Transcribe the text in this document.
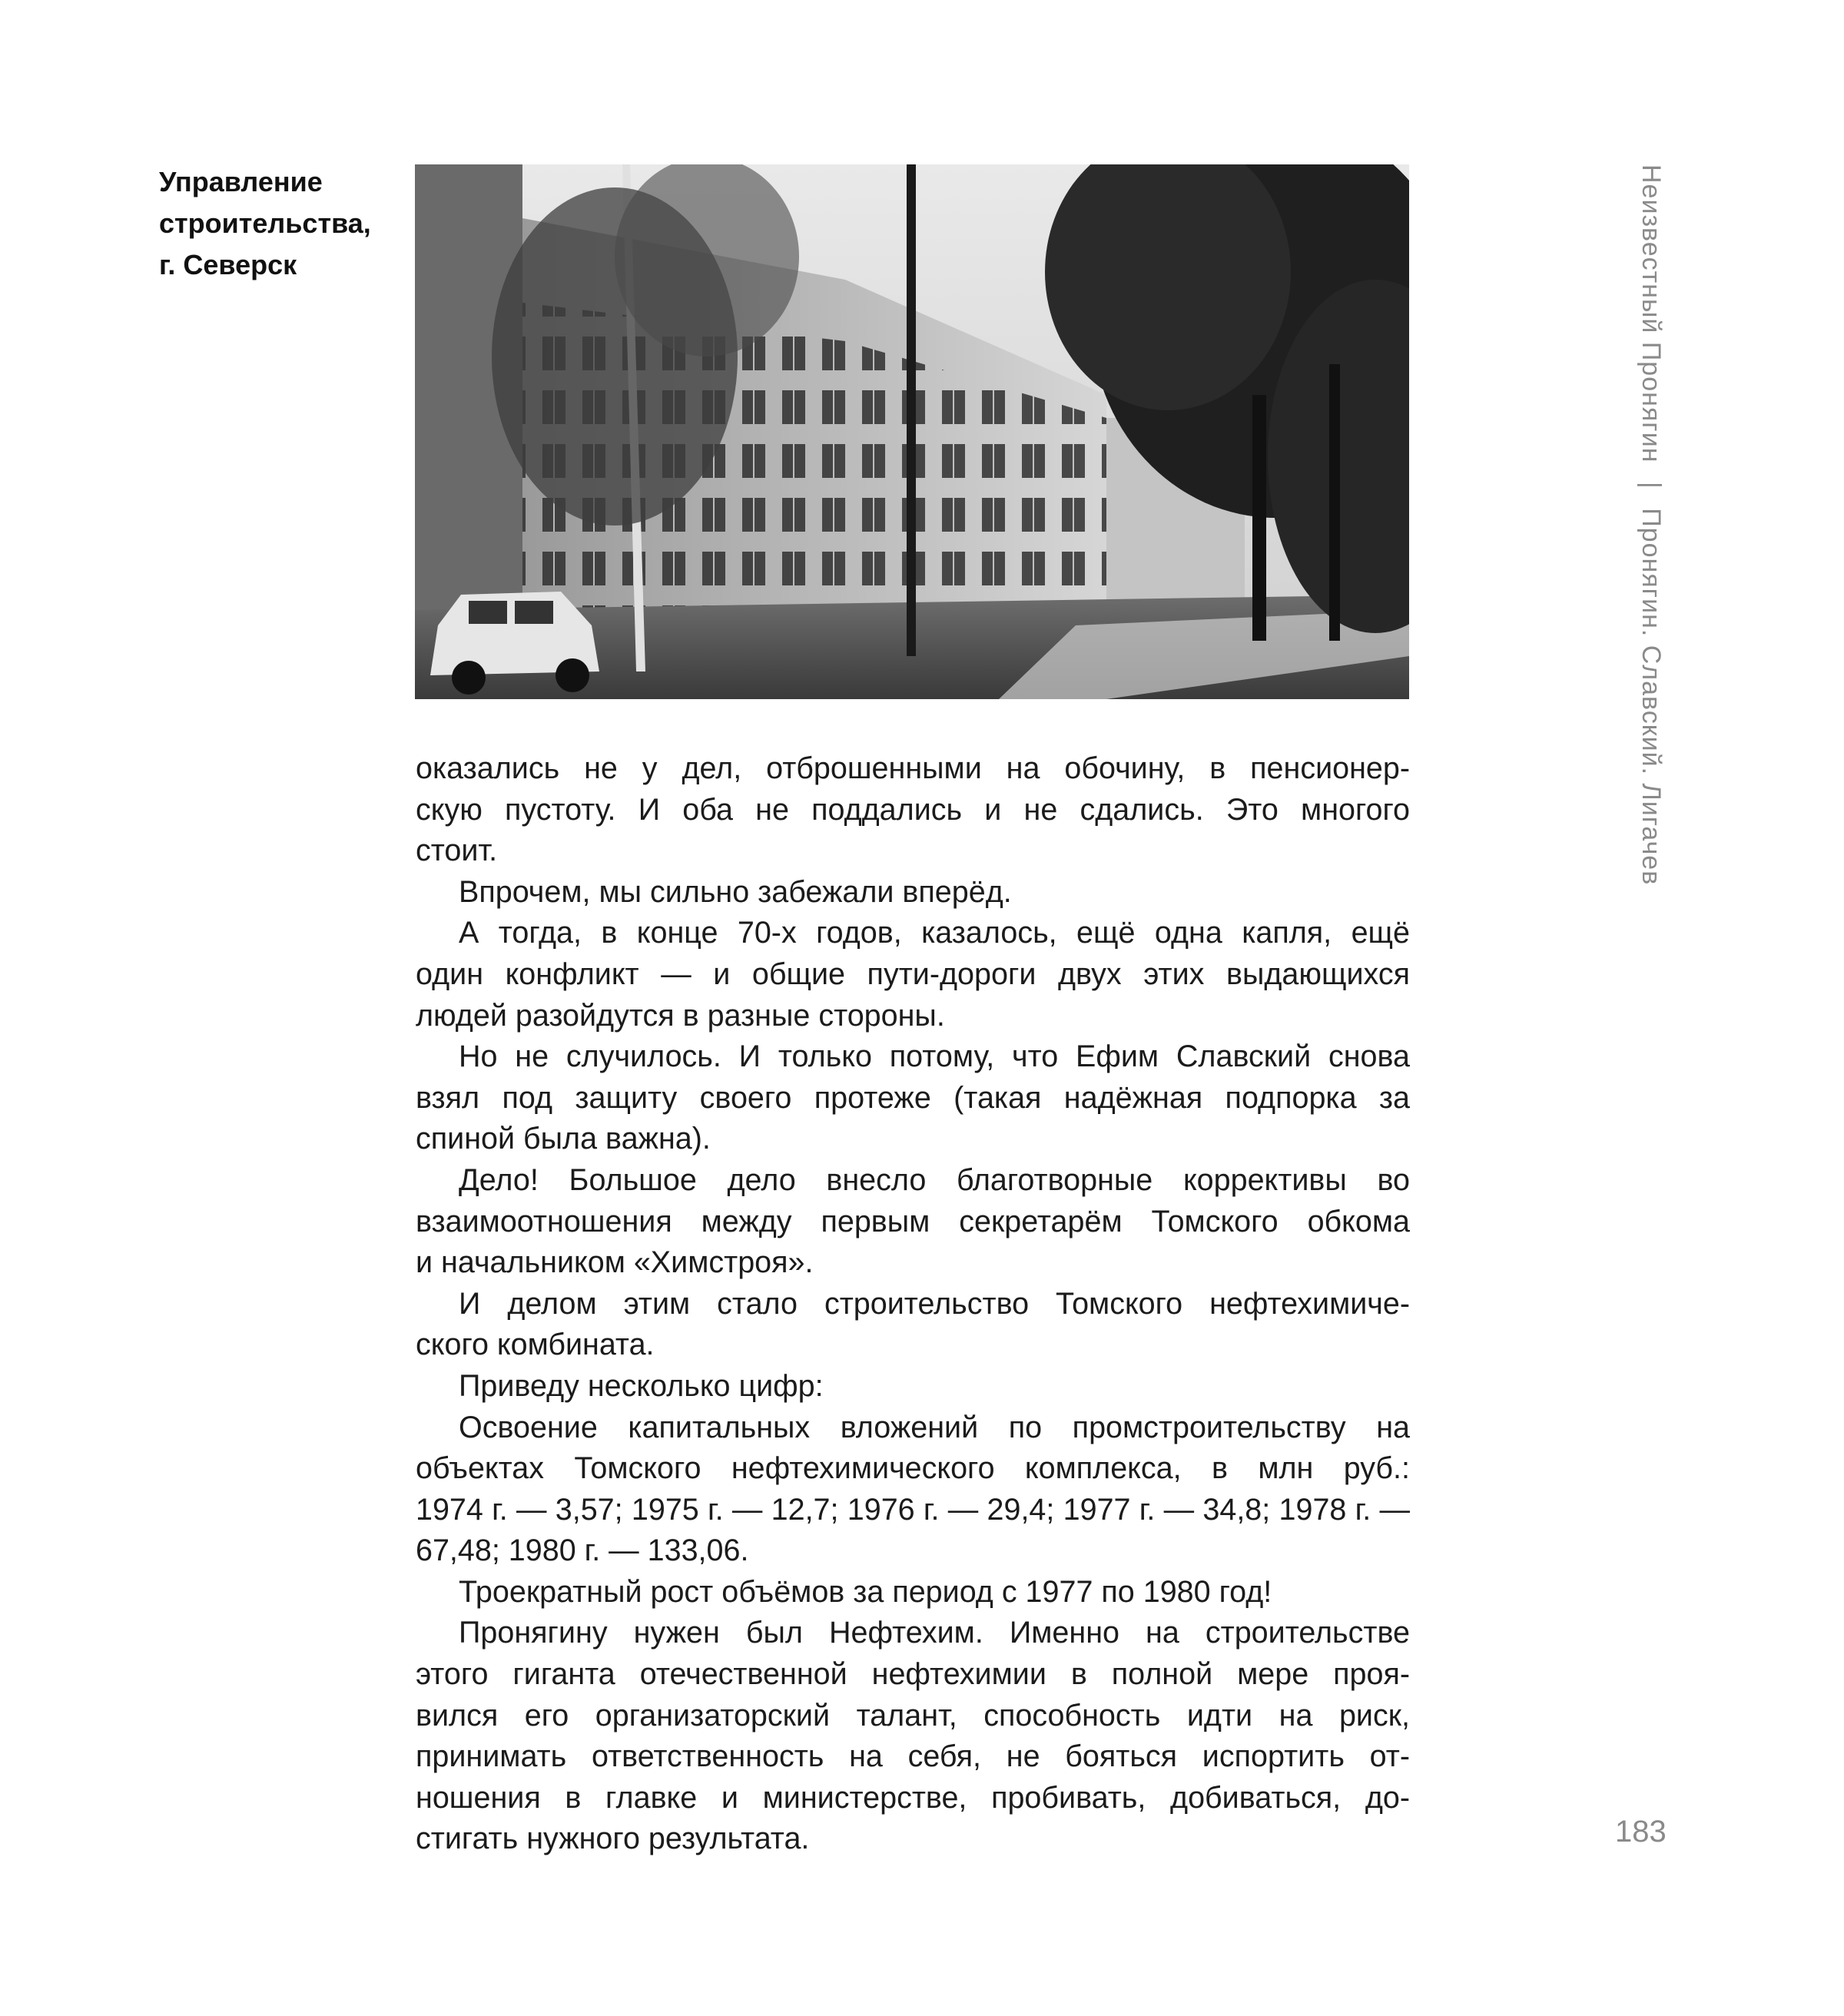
Управление
строительства,
г. Северск	Неизвестный Пронягин | Пронягин. Славский. Лигачев
183
оказались не у дел, отброшенными на обочину, в пенсионер-
скую пустоту. И оба не поддались и не сдались. Это многого
стоит.
Впрочем, мы сильно забежали вперёд.
А тогда, в конце 70-х годов, казалось, ещё одна капля, ещё
один конфликт — и общие пути-дороги двух этих выдающихся
людей разойдутся в разные стороны.
Но не случилось. И только потому, что Ефим Славский снова
взял под защиту своего протеже (такая надёжная подпорка за
спиной была важна).
Дело! Большое дело внесло благотворные коррективы во
взаимоотношения между первым секретарём Томского обкома
и начальником «Химстроя».
И делом этим стало строительство Томского нефтехимиче-
ского комбината.
Приведу несколько цифр:
Освоение капитальных вложений по промстроительству на
объектах Томского нефтехимического комплекса, в млн руб.:
1974 г. — 3,57; 1975 г. — 12,7; 1976 г. — 29,4; 1977 г. — 34,8; 1978 г. —
67,48; 1980 г. — 133,06.
Троекратный рост объёмов за период с 1977 по 1980 год!
Пронягину нужен был Нефтехим. Именно на строительстве
этого гиганта отечественной нефтехимии в полной мере проя-
вился его организаторский талант, способность идти на риск,
принимать ответственность на себя, не бояться испортить от-
ношения в главке и министерстве, пробивать, добиваться, до-
стигать нужного результата.
